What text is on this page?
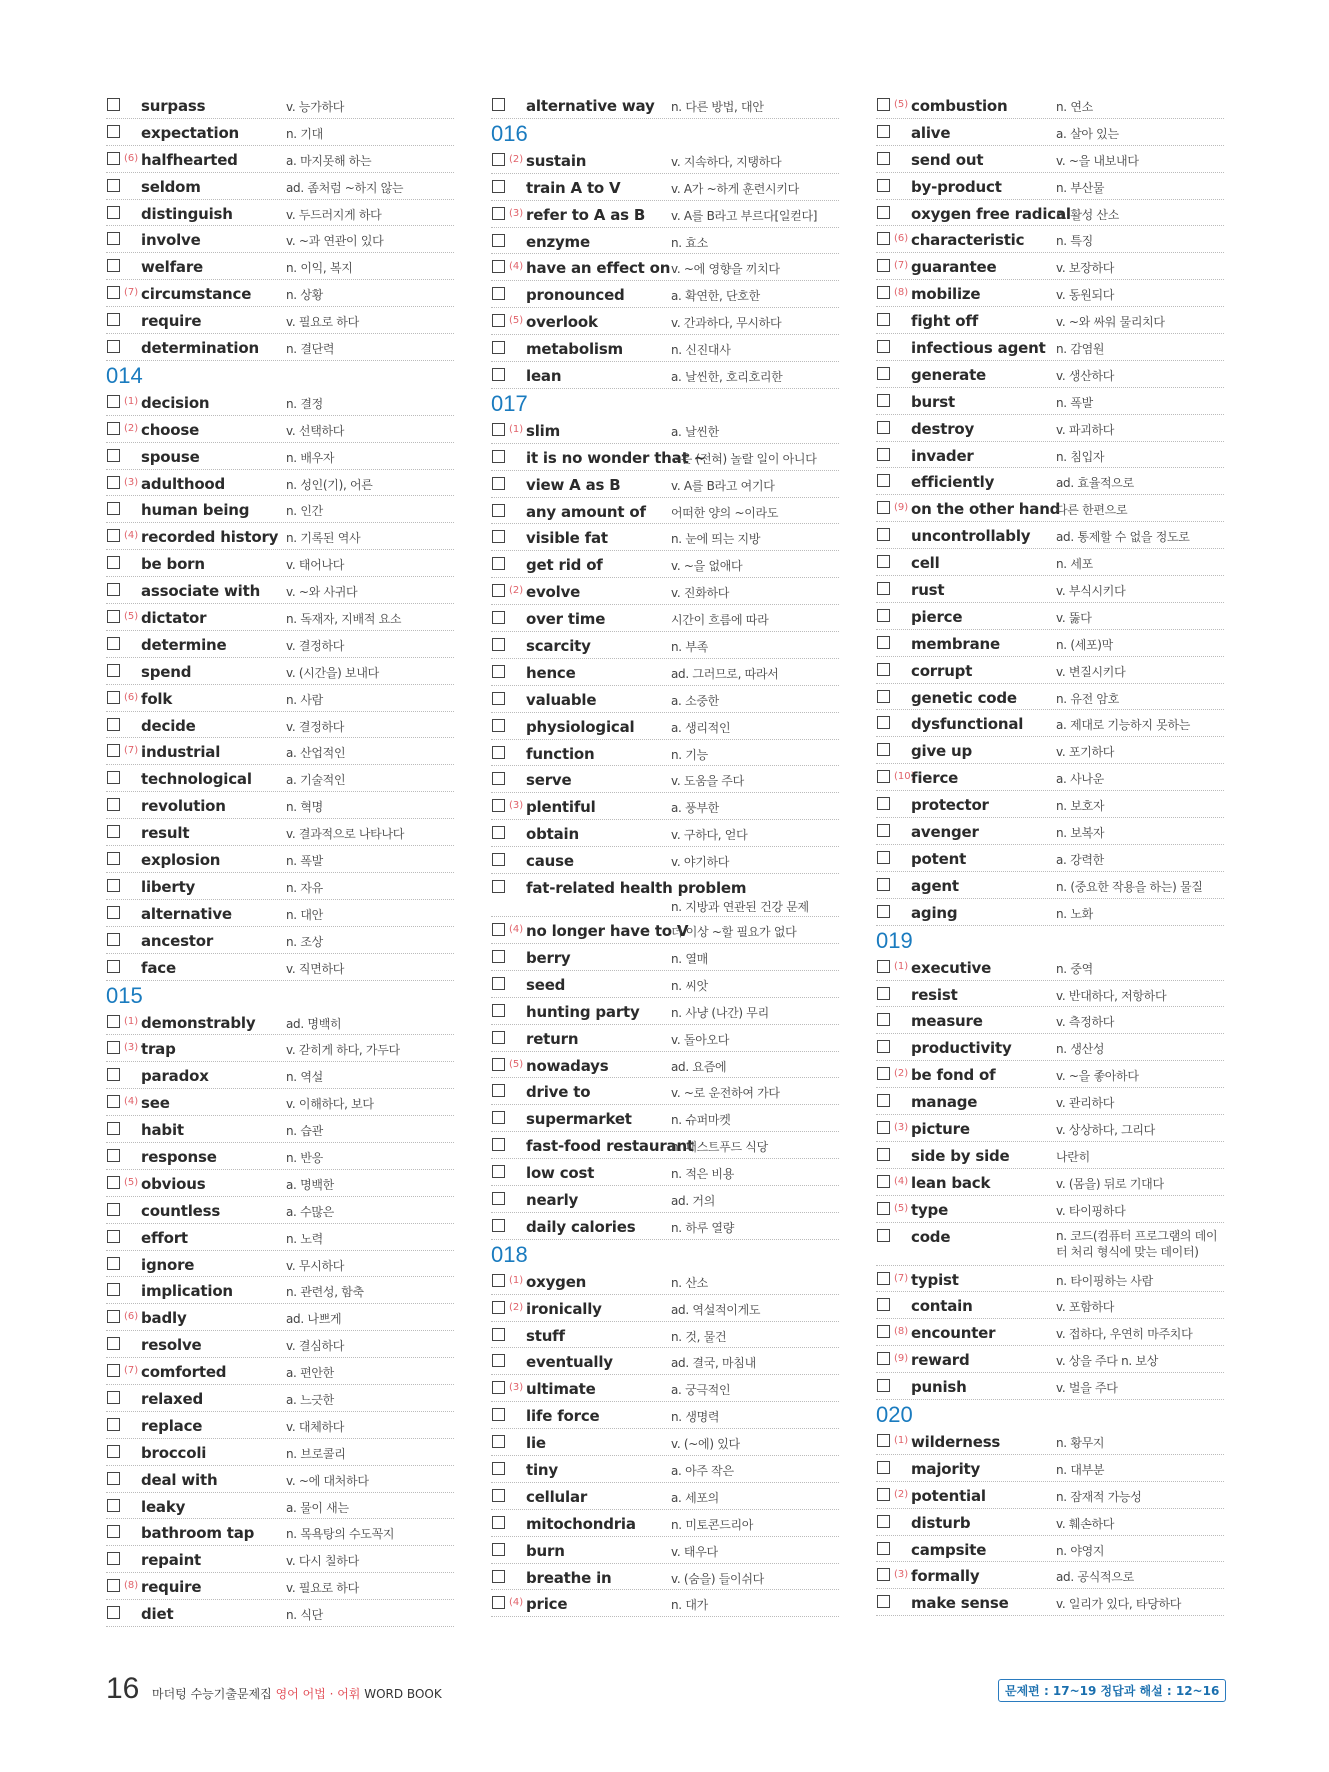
surpass	v. 능가하다
expectation	n. 기대
(6) halfhearted	a. 마지못해 하는
seldom	ad. 좀처럼 ~하지 않는
distinguish	v. 두드러지게 하다
involve	v. ~과 연관이 있다
welfare	n. 이익, 복지
(7) circumstance	n. 상황
require	v. 필요로 하다
determination n. 결단력
014
(1) decision	n. 결정
(2) choose	v. 선택하다
spouse	n. 배우자
(3) adulthood	n. 성인(기), 어른
human being	n. 인간
(4) recorded history n. 기록된 역사
be born	v. 태어나다
associate with v. ~와 사귀다
(5) dictator	n. 독재자, 지배적 요소
determine	v. 결정하다
spend	v. (시간을) 보내다
(6) folk	n. 사람
decide	v. 결정하다
(7) industrial	a. 산업적인
technological	a. 기술적인
revolution	n. 혁명
result	v. 결과적으로 나타나다
explosion	n. 폭발
liberty	n. 자유
alternative	n. 대안
ancestor	n. 조상
face	v. 직면하다
015
(1) demonstrably	ad. 명백히
(3) trap	v. 갇히게 하다, 가두다
paradox	n. 역설
(4) see	v. 이해하다, 보다
habit	n. 습관
response	n. 반응
(5) obvious	a. 명백한
countless	a. 수많은
effort	n. 노력
ignore	v. 무시하다
implication	n. 관련성, 함축
(6) badly	ad. 나쁘게
resolve	v. 결심하다
(7) comforted	a. 편안한
relaxed	a. 느긋한
replace	v. 대체하다
broccoli	n. 브로콜리
deal with	v. ~에 대처하다
leaky	a. 물이 새는
bathroom tap	n. 목욕탕의 수도꼭지
repaint	v. 다시 칠하다
(8) require	v. 필요로 하다
diet	n. 식단
alternative way n. 다른 방법, 대안
016
(2) sustain	v. 지속하다, 지탱하다
train A to V	v. A가 ~하게 훈련시키다
(3) refer to A as B v. A를 B라고 부르다[일컫다]
enzyme	n. 효소
(4) have an effect on v. ~에 영향을 끼치다
pronounced	a. 확연한, 단호한
(5) overlook	v. 간과하다, 무시하다
metabolism	n. 신진대사
lean	a. 날씬한, 호리호리한
017
(1) slim	a. 날씬한
it is no wonder that ~
~은 (전혀) 놀랄 일이 아니다
view A as B	v. A를 B라고 여기다
any amount of 어떠한 양의 ~이라도
visible fat	n. 눈에 띄는 지방
get rid of	v. ~을 없애다
(2) evolve	v. 진화하다
over time	시간이 흐름에 따라
scarcity	n. 부족
hence	ad. 그러므로, 따라서
valuable	a. 소중한
physiological	a. 생리적인
function	n. 기능
serve	v. 도움을 주다
(3) plentiful	a. 풍부한
obtain	v. 구하다, 얻다
cause	v. 야기하다
fat-related health problem
n. 지방과 연관된 건강 문제
(4) no longer have to V
더 이상 ~할 필요가 없다
berry	n. 열매
seed	n. 씨앗
hunting party	n. 사냥 (나간) 무리
return	v. 돌아오다
(5) nowadays	ad. 요즘에
drive to	v. ~로 운전하여 가다
supermarket	n. 슈퍼마켓
fast-food restaurant
n. 패스트푸드 식당
low cost	n. 적은 비용
nearly	ad. 거의
daily calories	n. 하루 열량
018
(1) oxygen	n. 산소
(2) ironically	ad. 역설적이게도
stuff	n. 것, 물건
eventually	ad. 결국, 마침내
(3) ultimate	a. 궁극적인
life force	n. 생명력
lie	v. (~에) 있다
tiny	a. 아주 작은
cellular	a. 세포의
mitochondria	n. 미토콘드리아
burn	v. 태우다
breathe in	v. (숨을) 들이쉬다
(4) price	n. 대가
(5) combustion	n. 연소
alive	a. 살아 있는
send out	v. ~을 내보내다
by-product	n. 부산물
oxygen free radical
n. 활성 산소
(6) characteristic	n. 특징
(7) guarantee	v. 보장하다
(8) mobilize	v. 동원되다
fight off	v. ~와 싸워 물리치다
infectious agent n. 감염원
generate	v. 생산하다
burst	n. 폭발
destroy	v. 파괴하다
invader	n. 침입자
efficiently	ad. 효율적으로
(9) on the other hand
다른 한편으로
uncontrollably ad. 통제할 수 없을 정도로
cell	n. 세포
rust	v. 부식시키다
pierce	v. 뚫다
membrane	n. (세포)막
corrupt	v. 변질시키다
genetic code	n. 유전 암호
dysfunctional	a. 제대로 기능하지 못하는
give up	v. 포기하다
(10)
fierce	a. 사나운
protector	n. 보호자
avenger	n. 보복자
potent	a. 강력한
agent	n. (중요한 작용을 하는) 물질
aging	n. 노화
019
(1) executive	n. 중역
resist	v. 반대하다, 저항하다
measure	v. 측정하다
productivity	n. 생산성
(2) be fond of	v. ~을 좋아하다
manage	v. 관리하다
(3) picture	v. 상상하다, 그리다
side by side	나란히
(4) lean back	v. (몸을) 뒤로 기대다
(5) type	v. 타이핑하다
code	n. 코드(컴퓨터 프로그램의 데이터 처리 형식에 맞는 데이터)
(7) typist	n. 타이핑하는 사람
contain	v. 포함하다
(8) encounter	v. 접하다, 우연히 마주치다
(9) reward	v. 상을 주다 n. 보상
punish	v. 벌을 주다
020
(1) wilderness	n. 황무지
majority	n. 대부분
(2) potential	n. 잠재적 가능성
disturb	v. 훼손하다
campsite	n. 야영지
(3) formally	ad. 공식적으로
make sense	v. 일리가 있다, 타당하다
16 마더텅 수능기출문제집 영어 어법 · 어휘 WORD BOOK	문제편 : 17~19 정답과 해설 : 12~16
